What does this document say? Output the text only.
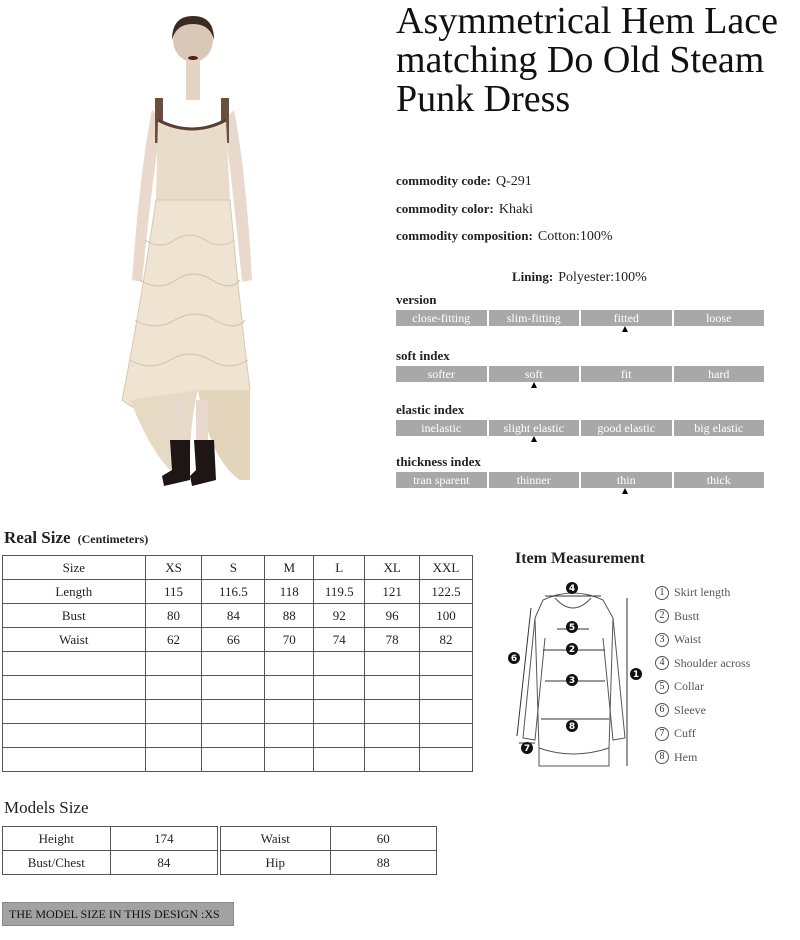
Asymmetrical Hem Lace matching Do Old Steam Punk Dress
commodity code: Q-291
commodity color: Khaki
commodity composition: Cotton:100%
Lining: Polyester:100%
version
close-fitting	slim-fitting	fitted	loose
soft index
softer	soft	fit	hard
elastic index
inelastic	slight elastic	good elastic	big elastic
thickness index
tran sparent	thinner	thin	thick
Real Size (Centimeters)
Size	XS	S	M	L	XL	XXL
Length	115	116.5	118	119.5	121	122.5
Bust	80	84	88	92	96	100
Waist	62	66	70	74	78	82

Item Measurement
4
5
2
3
8
1
6
7
1 Skirt length
2 Bustt
3 Waist
4 Shoulder across
5 Collar
6 Sleeve
7 Cuff
8 Hem
Models Size
Height	174
Bust/Chest	84
Waist	60
Hip	88
THE MODEL SIZE IN THIS DESIGN :XS
